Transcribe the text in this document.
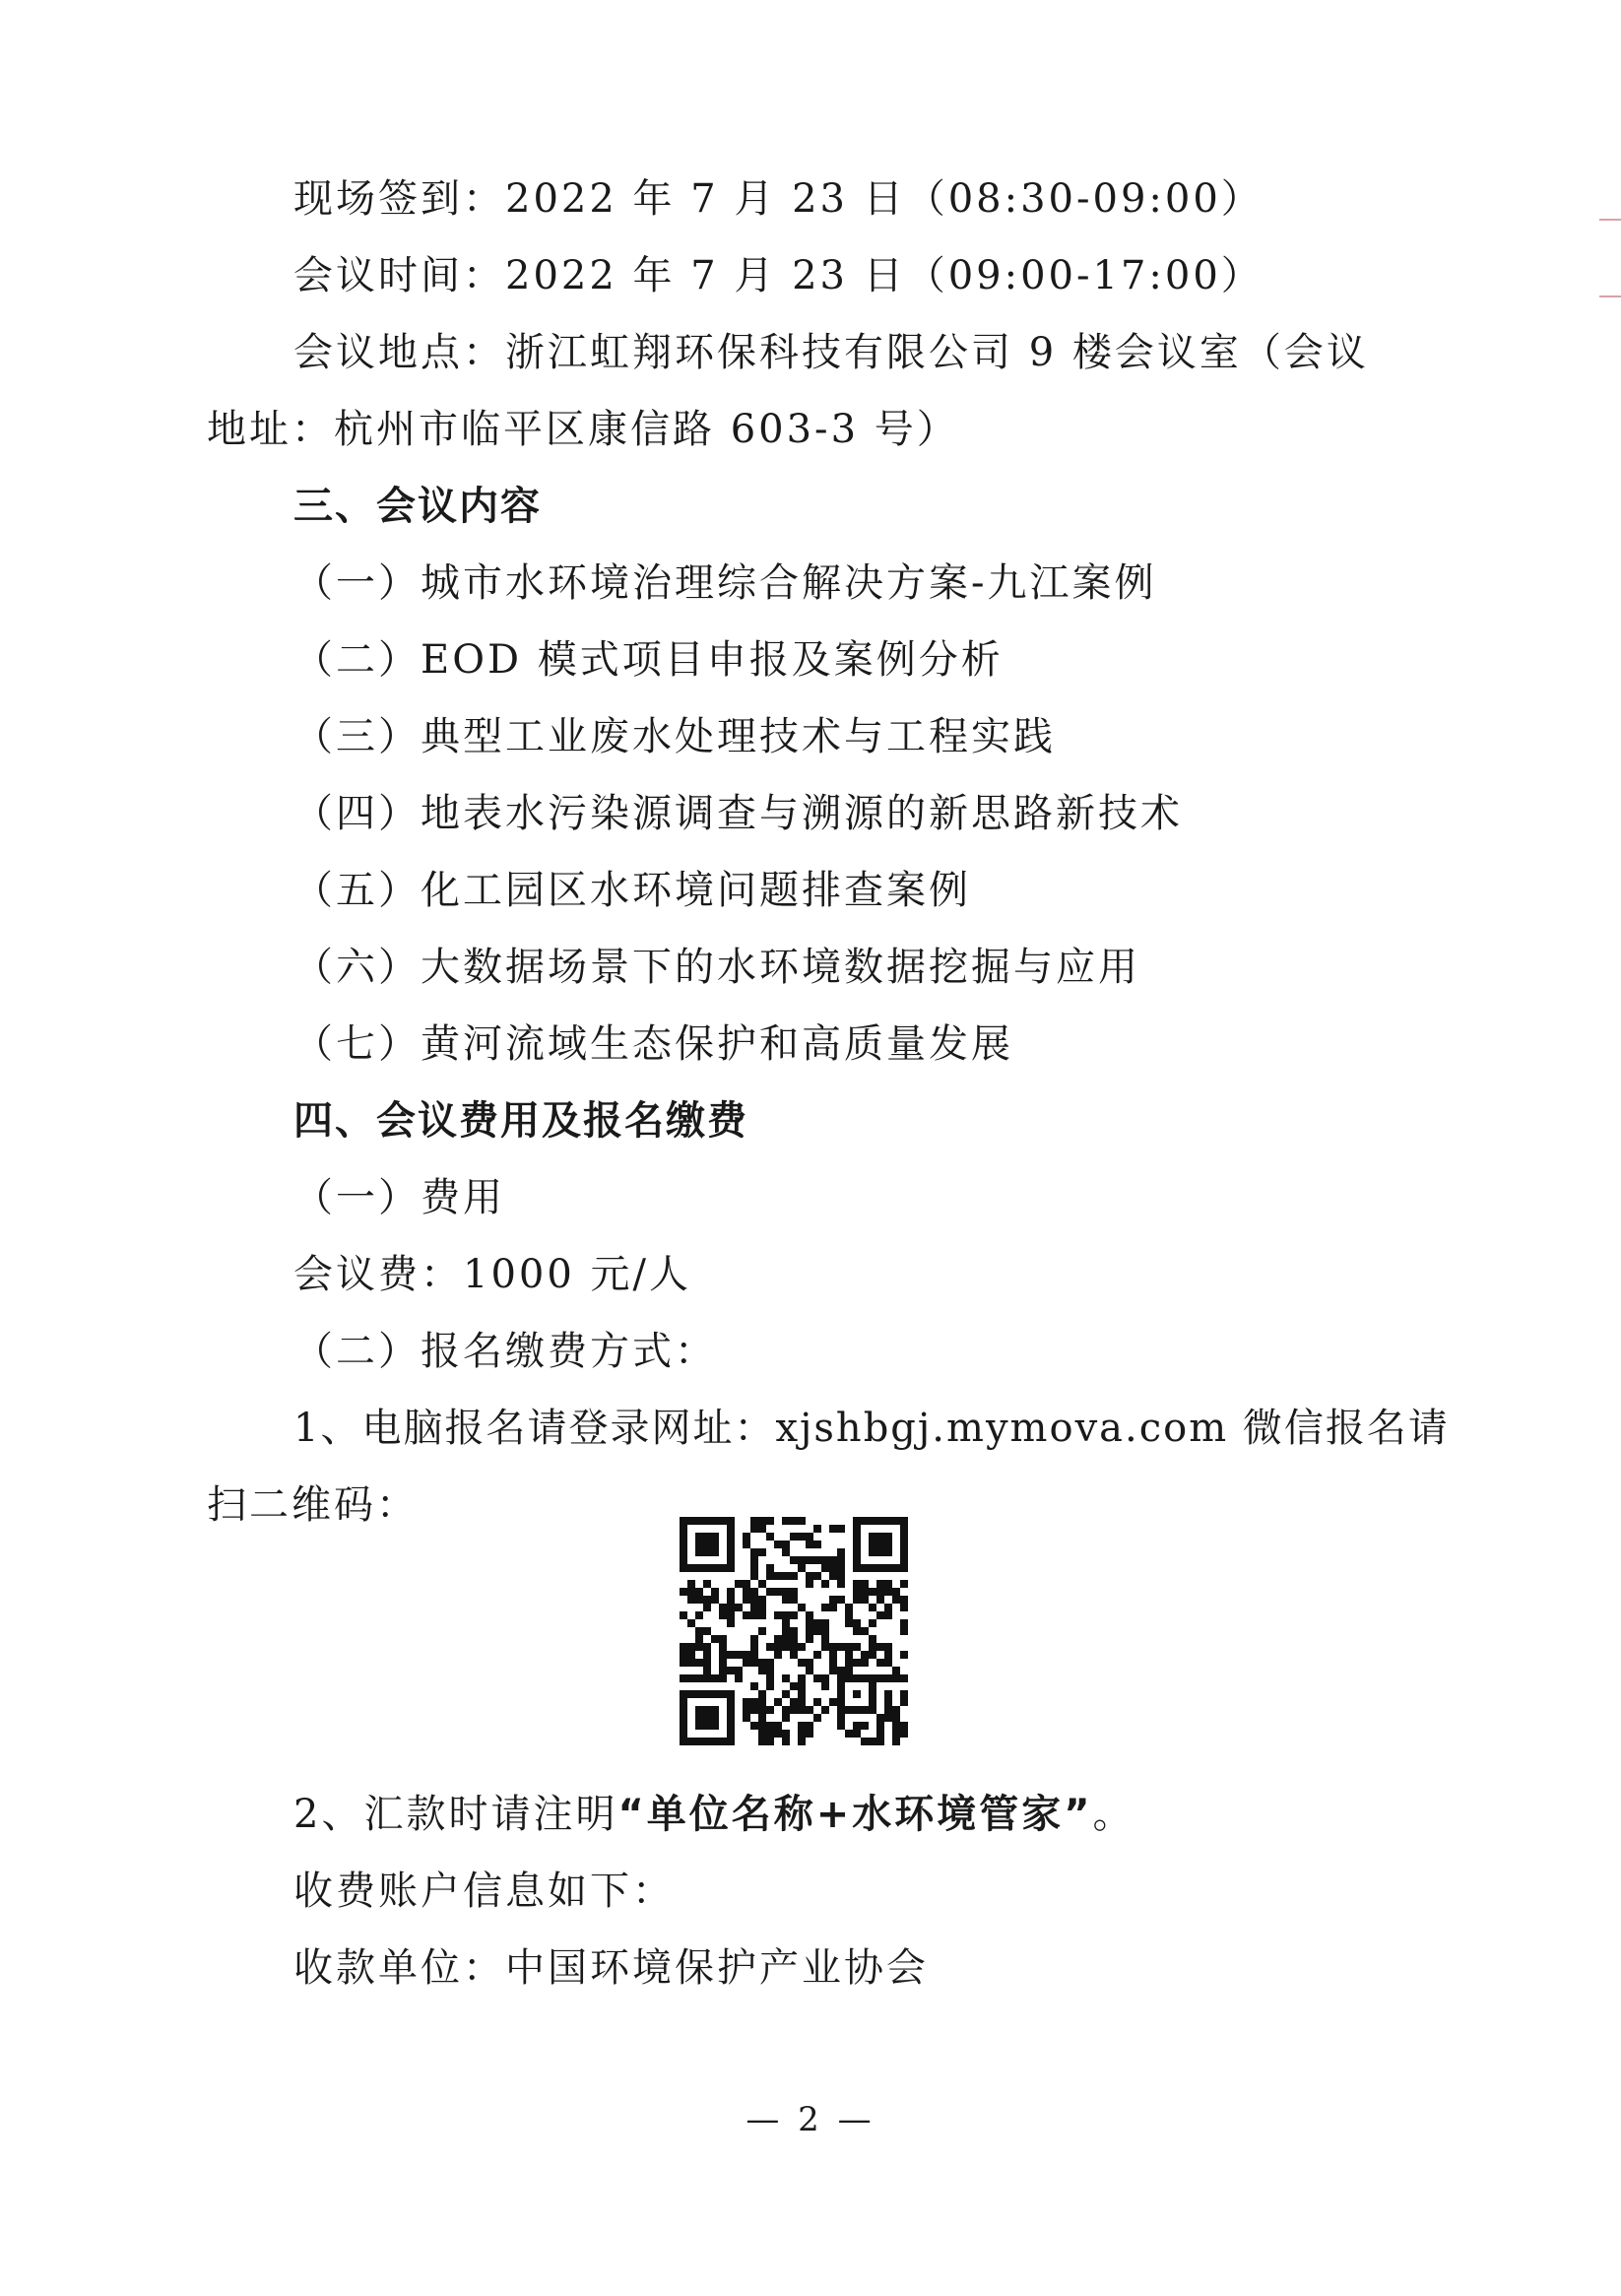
现场签到：2022 年 7 月 23 日（08:30-09:00）
会议时间：2022 年 7 月 23 日（09:00-17:00）
会议地点：浙江虹翔环保科技有限公司 9 楼会议室（会议
地址：杭州市临平区康信路 603-3 号）
三、会议内容
（一）城市水环境治理综合解决方案-九江案例
（二）EOD 模式项目申报及案例分析
（三）典型工业废水处理技术与工程实践
（四）地表水污染源调查与溯源的新思路新技术
（五）化工园区水环境问题排查案例
（六）大数据场景下的水环境数据挖掘与应用
（七）黄河流域生态保护和高质量发展
四、会议费用及报名缴费
（一）费用
会议费：1000 元/人
（二）报名缴费方式：
1、电脑报名请登录网址：xjshbgj.mymova.com 微信报名请
扫二维码：
2、汇款时请注明“单位名称+水环境管家”。
收费账户信息如下：
收款单位：中国环境保护产业协会
— 2 —
